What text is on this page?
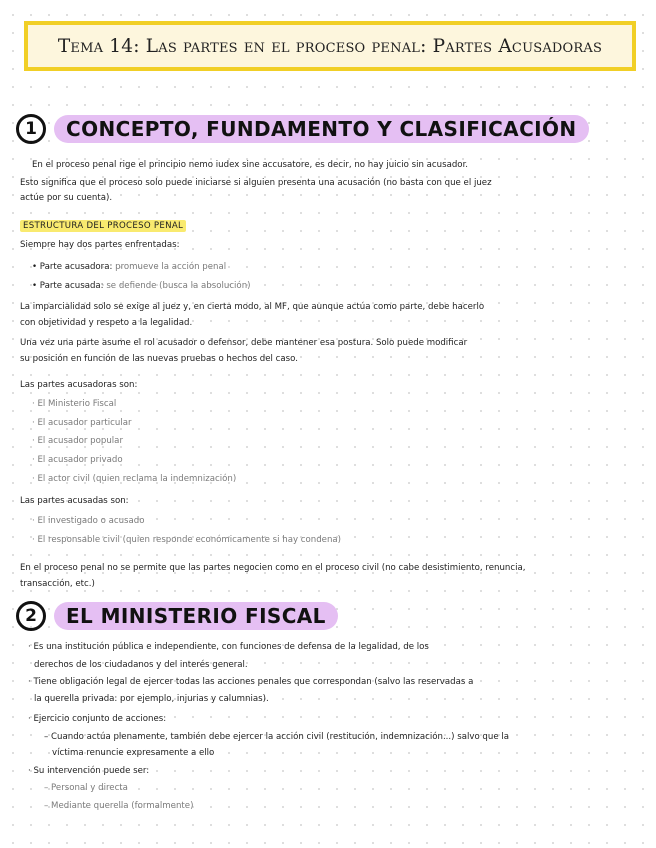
Tema 14: Las partes en el proceso penal: Partes Acusadoras
1	CONCEPTO, FUNDAMENTO Y CLASIFICACIÓN
En el proceso penal rige el principio nemo iudex sine accusatore, es decir, no hay juicio sin acusador.
Esto significa que el proceso solo puede iniciarse si alguien presenta una acusación (no basta con que el juez
actúe por su cuenta).
ESTRUCTURA DEL PROCESO PENAL
Siempre hay dos partes enfrentadas:
• Parte acusadora: promueve la acción penal
• Parte acusada: se defiende (busca la absolución)
La imparcialidad solo se exige al juez y, en cierta modo, al MF, que aunque actúa como parte, debe hacerlo
con objetividad y respeto a la legalidad.
Una vez una parte asume el rol acusador o defensor, debe mantener esa postura. Solo puede modificar
su posición en función de las nuevas pruebas o hechos del caso.
Las partes acusadoras son:
· El Ministerio Fiscal
· El acusador particular
· El acusador popular
· El acusador privado
· El actor civil (quien reclama la indemnización)
Las partes acusadas son:
· El investigado o acusado
· El responsable civil (quien responde económicamente si hay condena)
En el proceso penal no se permite que las partes negocien como en el proceso civil (no cabe desistimiento, renuncia,
transacción, etc.)
2	EL MINISTERIO FISCAL
· Es una institución pública e independiente, con funciones de defensa de la legalidad, de los
derechos de los ciudadanos y del interés general.
· Tiene obligación legal de ejercer todas las acciones penales que correspondan (salvo las reservadas a
la querella privada: por ejemplo, injurias y calumnias).
· Ejercicio conjunto de acciones:
– Cuando actúa plenamente, también debe ejercer la acción civil (restitución, indemnización...) salvo que la
víctima renuncie expresamente a ello
· Su intervención puede ser:
– Personal y directa
– Mediante querella (formalmente)
